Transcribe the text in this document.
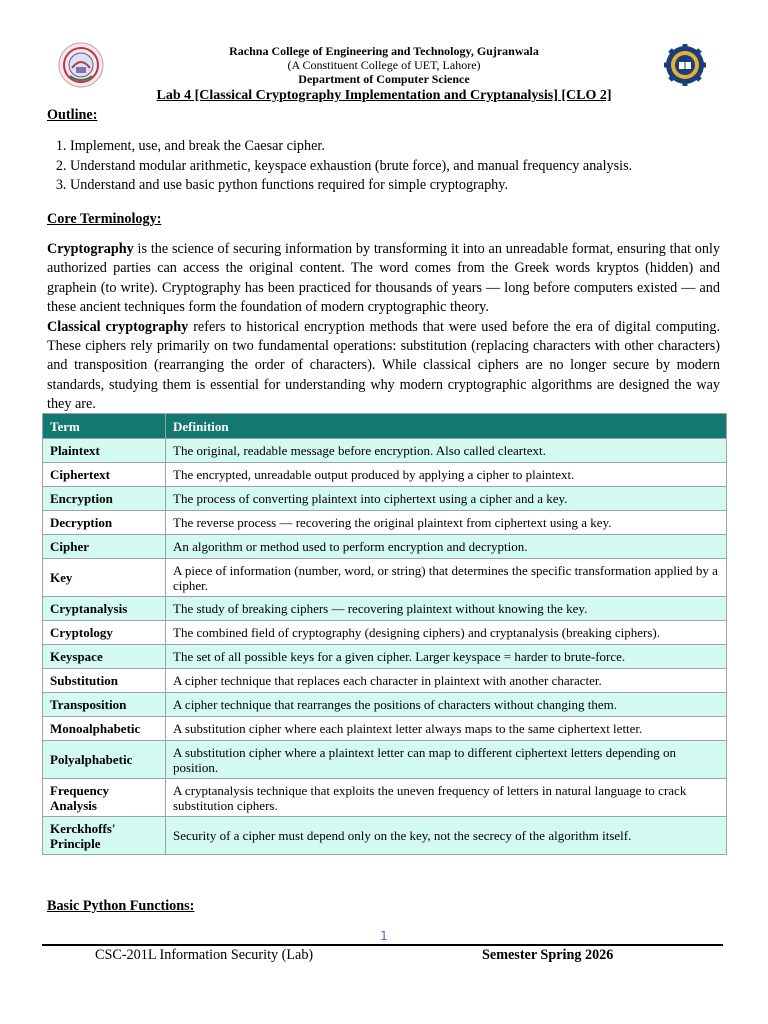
Rachna College of Engineering and Technology, Gujranwala
(A Constituent College of UET, Lahore)
Department of Computer Science
Lab 4 [Classical Cryptography Implementation and Cryptanalysis] [CLO 2]
Outline:
1. Implement, use, and break the Caesar cipher.
2. Understand modular arithmetic, keyspace exhaustion (brute force), and manual frequency analysis.
3. Understand and use basic python functions required for simple cryptography.
Core Terminology:

Cryptography is the science of securing information by transforming it into an unreadable format, ensuring that only authorized parties can access the original content. The word comes from the Greek words kryptos (hidden) and graphein (to write). Cryptography has been practiced for thousands of years — long before computers existed — and these ancient techniques form the foundation of modern cryptographic theory.

Classical cryptography refers to historical encryption methods that were used before the era of digital computing. These ciphers rely primarily on two fundamental operations: substitution (replacing characters with other characters) and transposition (rearranging the order of characters). While classical ciphers are no longer secure by modern standards, studying them is essential for understanding why modern cryptographic algorithms are designed the way they are.

Term	Definition
Plaintext	The original, readable message before encryption. Also called cleartext.
Ciphertext	The encrypted, unreadable output produced by applying a cipher to plaintext.
Encryption	The process of converting plaintext into ciphertext using a cipher and a key.
Decryption	The reverse process — recovering the original plaintext from ciphertext using a key.
Cipher	An algorithm or method used to perform encryption and decryption.
Key	A piece of information (number, word, or string) that determines the specific transformation applied by a cipher.
Cryptanalysis	The study of breaking ciphers — recovering plaintext without knowing the key.
Cryptology	The combined field of cryptography (designing ciphers) and cryptanalysis (breaking ciphers).
Keyspace	The set of all possible keys for a given cipher. Larger keyspace = harder to brute-force.
Substitution	A cipher technique that replaces each character in plaintext with another character.
Transposition	A cipher technique that rearranges the positions of characters without changing them.
Monoalphabetic	A substitution cipher where each plaintext letter always maps to the same ciphertext letter.
Polyalphabetic	A substitution cipher where a plaintext letter can map to different ciphertext letters depending on position.
Frequency Analysis	A cryptanalysis technique that exploits the uneven frequency of letters in natural language to crack substitution ciphers.
Kerckhoffs' Principle	Security of a cipher must depend only on the key, not the secrecy of the algorithm itself.
Basic Python Functions:
1
CSC-201L Information Security (Lab)	Semester Spring 2026
